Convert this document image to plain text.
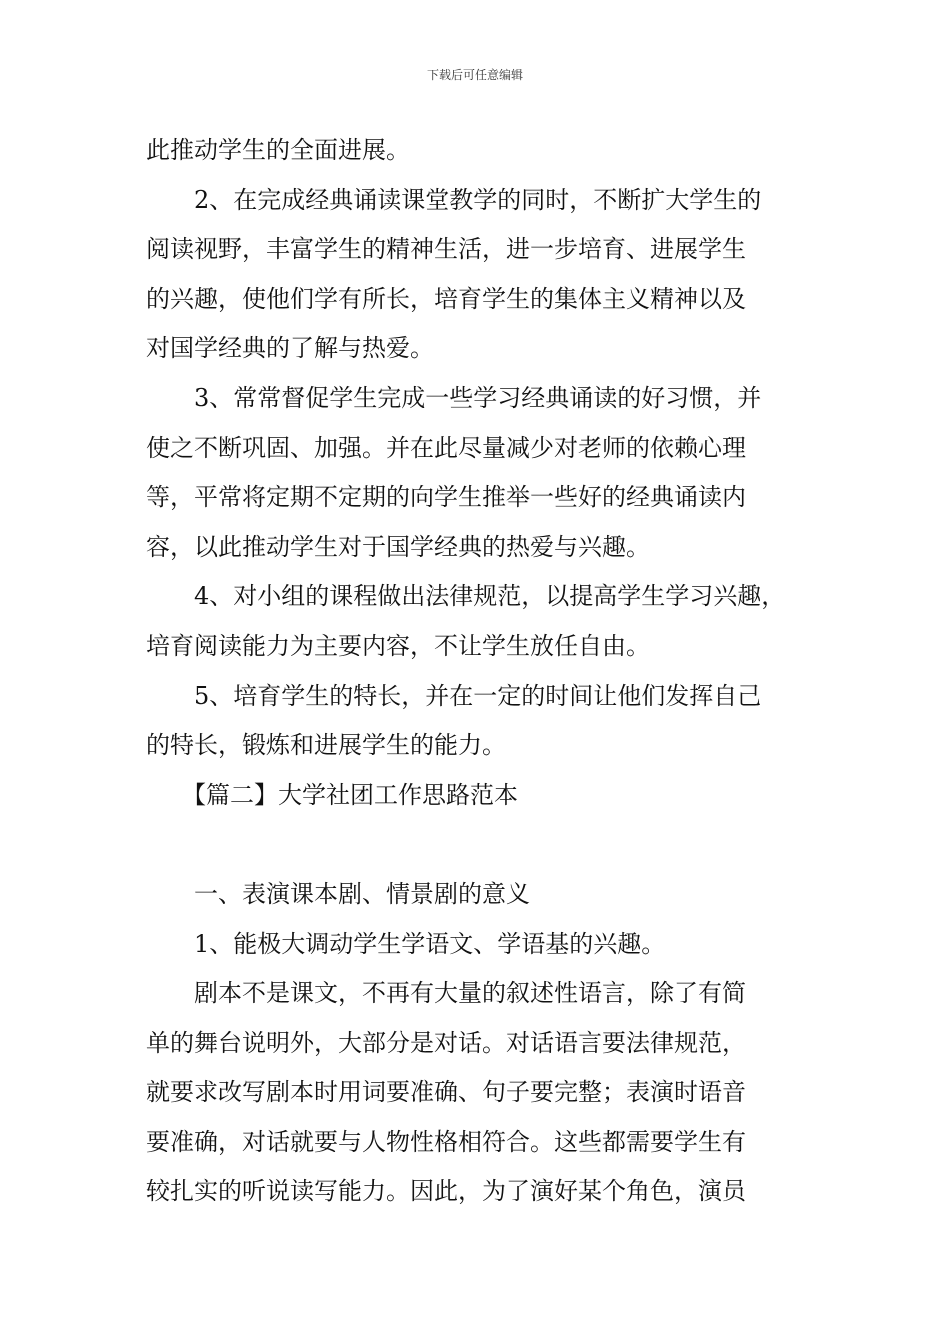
下载后可任意编辑
此推动学生的全面进展。
2、在完成经典诵读课堂教学的同时，不断扩大学生的
阅读视野，丰富学生的精神生活，进一步培育、进展学生
的兴趣，使他们学有所长，培育学生的集体主义精神以及
对国学经典的了解与热爱。
3、常常督促学生完成一些学习经典诵读的好习惯，并
使之不断巩固、加强。并在此尽量减少对老师的依赖心理
等，平常将定期不定期的向学生推举一些好的经典诵读内
容，以此推动学生对于国学经典的热爱与兴趣。
4、对小组的课程做出法律规范，以提高学生学习兴趣，
培育阅读能力为主要内容，不让学生放任自由。
5、培育学生的特长，并在一定的时间让他们发挥自己
的特长，锻炼和进展学生的能力。
【篇二】大学社团工作思路范本
一、表演课本剧、情景剧的意义
1、能极大调动学生学语文、学语基的兴趣。
剧本不是课文，不再有大量的叙述性语言，除了有简
单的舞台说明外，大部分是对话。对话语言要法律规范，
就要求改写剧本时用词要准确、句子要完整；表演时语音
要准确，对话就要与人物性格相符合。这些都需要学生有
较扎实的听说读写能力。因此，为了演好某个角色，演员
